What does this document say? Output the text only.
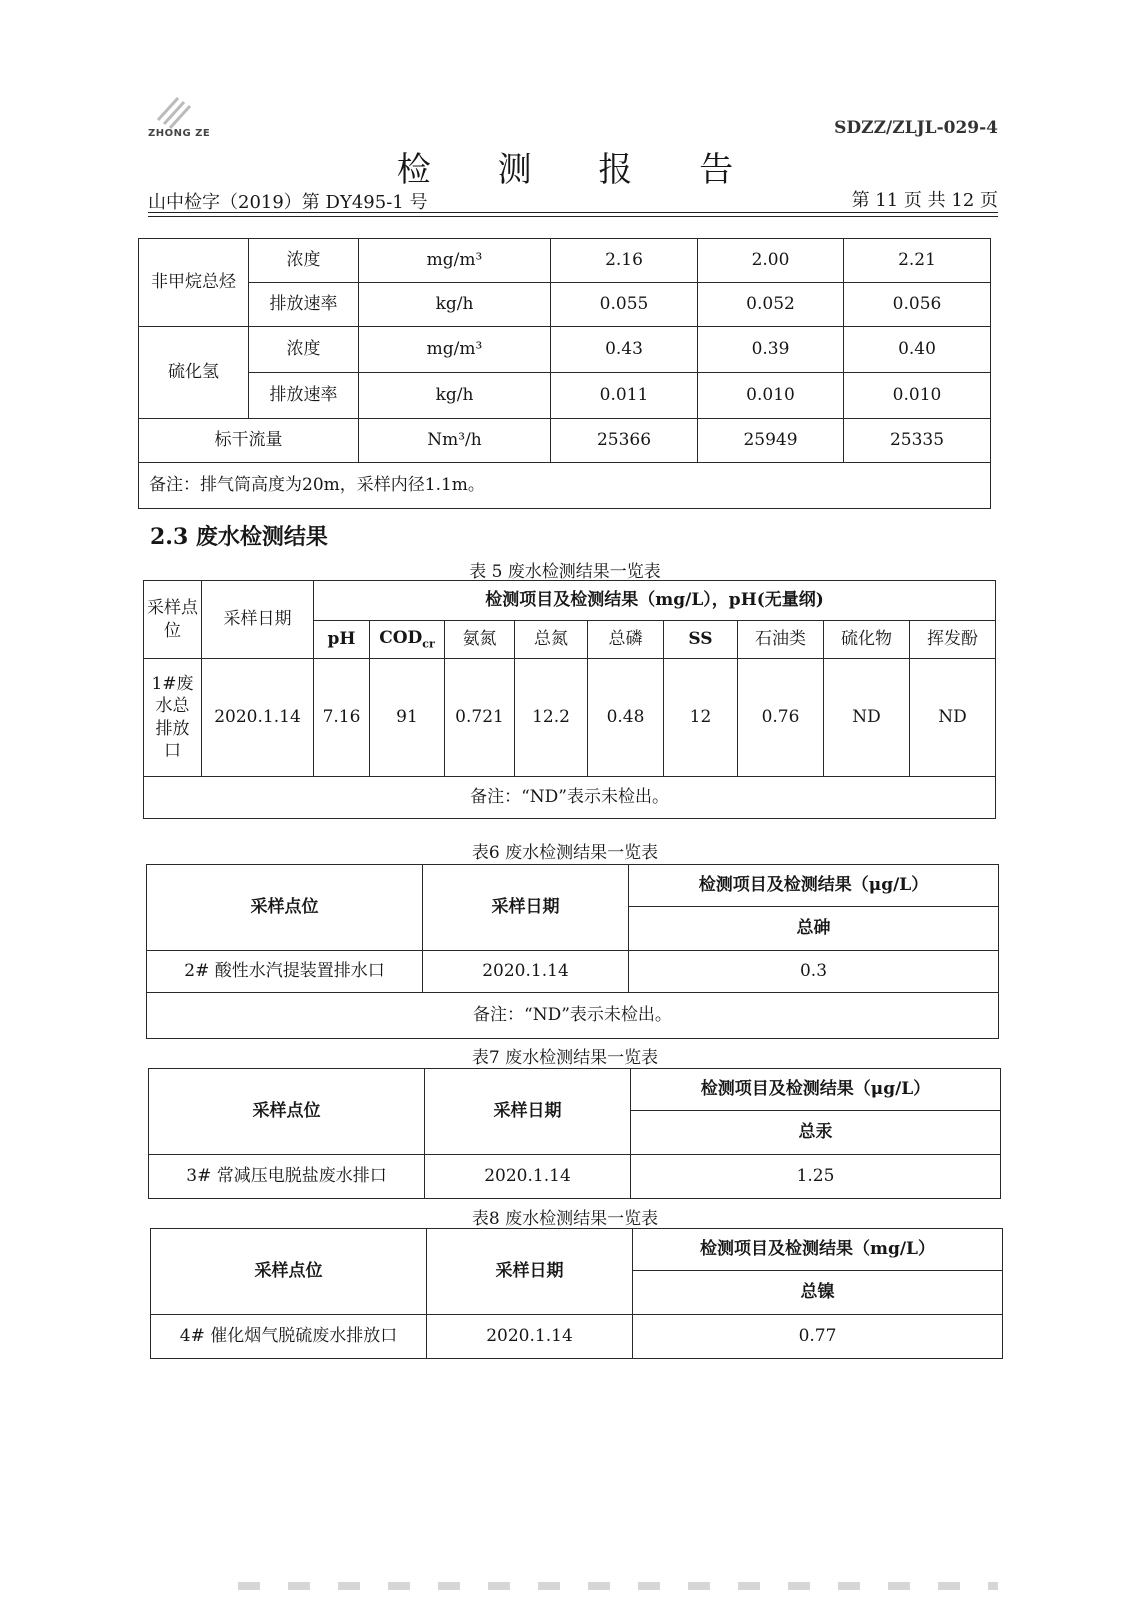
ZHONG ZE	SDZZ/ZLJL-029-4
检 测 报 告
山中检字（2019）第 DY495-1 号	第 11 页 共 12 页
非甲烷总烃	浓度	mg/m³	2.16	2.00	2.21
	排放速率	kg/h	0.055	0.052	0.056
硫化氢	浓度	mg/m³	0.43	0.39	0.40
	排放速率	kg/h	0.011	0.010	0.010
标干流量		Nm³/h	25366	25949	25335
备注：排气筒高度为20m，采样内径1.1m。					
2.3 废水检测结果
表 5 废水检测结果一览表
采样点位	采样日期	检测项目及检测结果（mg/L），pH(无量纲)								
		pH	$COD_{cr}$	氨氮	总氮	总磷	SS	石油类	硫化物	挥发酚
1#废水总排放口	2020.1.14	7.16	91	0.721	12.2	0.48	12	0.76	ND	ND
备注：“ND”表示未检出。										
表6 废水检测结果一览表
采样点位	采样日期	检测项目及检测结果（μg/L）
		总砷
2# 酸性水汽提装置排水口	2020.1.14	0.3
备注：“ND”表示未检出。		
表7 废水检测结果一览表
采样点位	采样日期	检测项目及检测结果（μg/L）
		总汞
3# 常减压电脱盐废水排口	2020.1.14	1.25
表8 废水检测结果一览表
采样点位	采样日期	检测项目及检测结果（mg/L）
		总镍
4# 催化烟气脱硫废水排放口	2020.1.14	0.77
